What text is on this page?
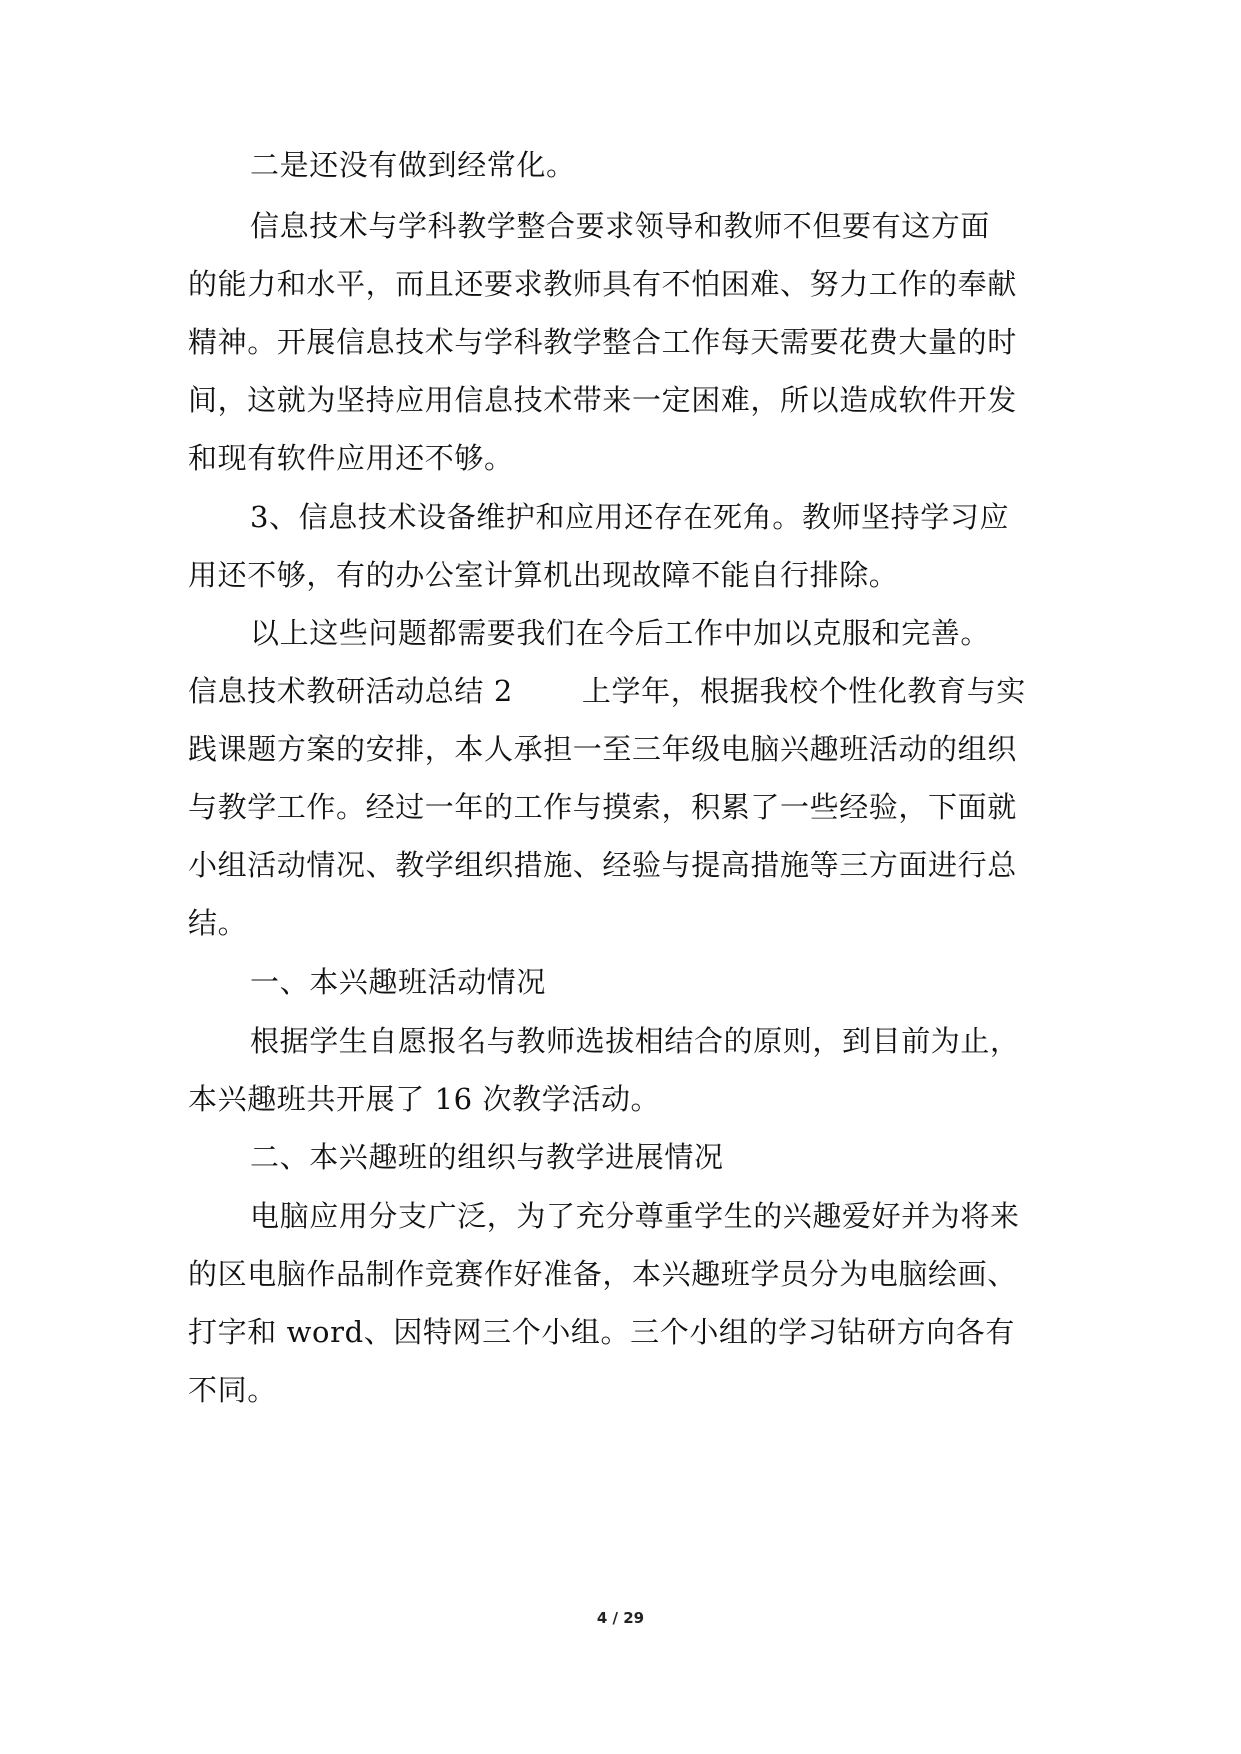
二是还没有做到经常化。
信息技术与学科教学整合要求领导和教师不但要有这方面
的能力和水平，而且还要求教师具有不怕困难、努力工作的奉献
精神。开展信息技术与学科教学整合工作每天需要花费大量的时
间，这就为坚持应用信息技术带来一定困难，所以造成软件开发
和现有软件应用还不够。
3、信息技术设备维护和应用还存在死角。教师坚持学习应
用还不够，有的办公室计算机出现故障不能自行排除。
以上这些问题都需要我们在今后工作中加以克服和完善。
信息技术教研活动总结 2　　 上学年，根据我校个性化教育与实
践课题方案的安排，本人承担一至三年级电脑兴趣班活动的组织
与教学工作。经过一年的工作与摸索，积累了一些经验，下面就
小组活动情况、教学组织措施、经验与提高措施等三方面进行总
结。
一、本兴趣班活动情况
根据学生自愿报名与教师选拔相结合的原则，到目前为止，
本兴趣班共开展了 16 次教学活动。
二、本兴趣班的组织与教学进展情况
电脑应用分支广泛，为了充分尊重学生的兴趣爱好并为将来
的区电脑作品制作竞赛作好准备，本兴趣班学员分为电脑绘画、
打字和 word、因特网三个小组。三个小组的学习钻研方向各有
不同。
4 / 29
